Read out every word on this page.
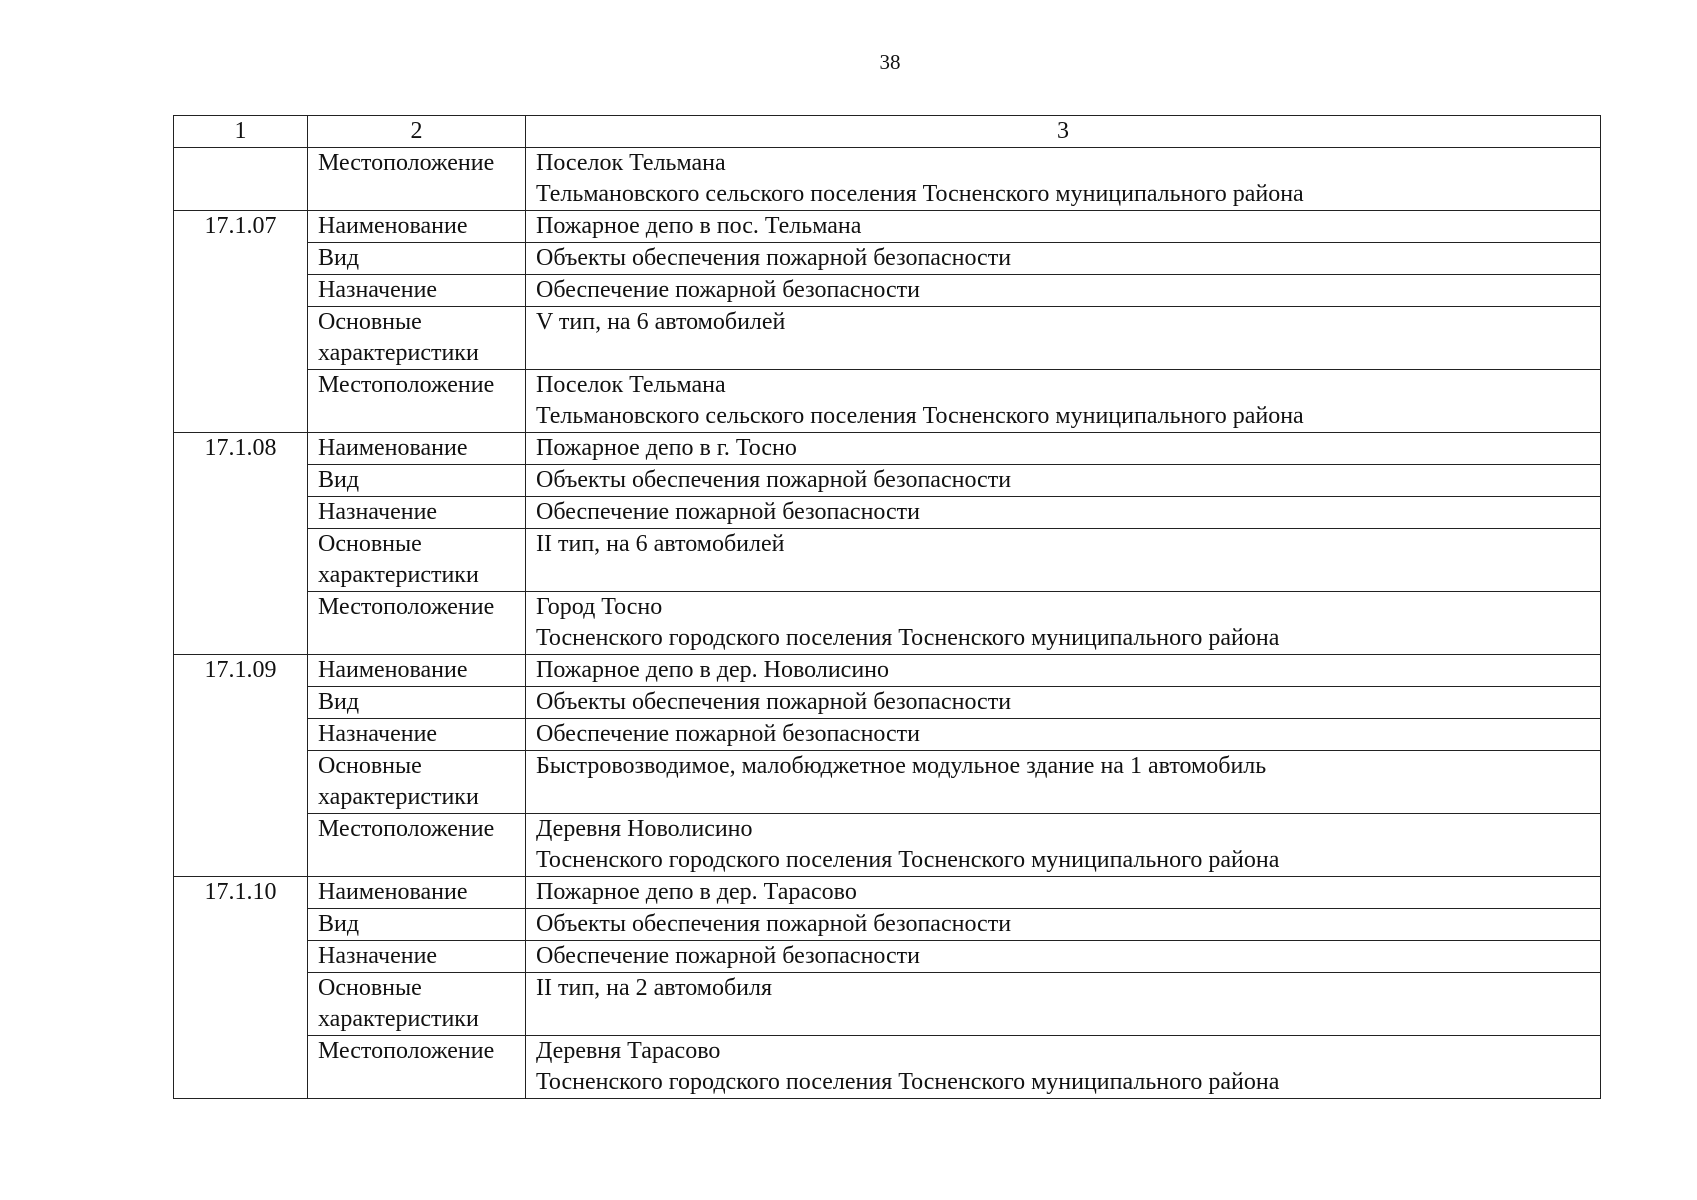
38
1	2	3
	Местоположение	Поселок Тельмана
Тельмановского сельского поселения Тосненского муниципального района

17.1.07	Наименование	Пожарное депо в пос. Тельмана

	Вид	Объекты обеспечения пожарной безопасности

	Назначение	Обеспечение пожарной безопасности

	Основные характеристики	V тип, на 6 автомобилей

	Местоположение	Поселок Тельмана
Тельмановского сельского поселения Тосненского муниципального района

17.1.08	Наименование	Пожарное депо в г. Тосно

	Вид	Объекты обеспечения пожарной безопасности

	Назначение	Обеспечение пожарной безопасности

	Основные характеристики	II тип, на 6 автомобилей

	Местоположение	Город Тосно
Тосненского городского поселения Тосненского муниципального района

17.1.09	Наименование	Пожарное депо в дер. Новолисино

	Вид	Объекты обеспечения пожарной безопасности

	Назначение	Обеспечение пожарной безопасности

	Основные характеристики	Быстровозводимое, малобюджетное модульное здание на 1 автомобиль

	Местоположение	Деревня Новолисино
Тосненского городского поселения Тосненского муниципального района

17.1.10	Наименование	Пожарное депо в дер. Тарасово

	Вид	Объекты обеспечения пожарной безопасности

	Назначение	Обеспечение пожарной безопасности

	Основные характеристики	II тип, на 2 автомобиля

	Местоположение	Деревня Тарасово
Тосненского городского поселения Тосненского муниципального района
